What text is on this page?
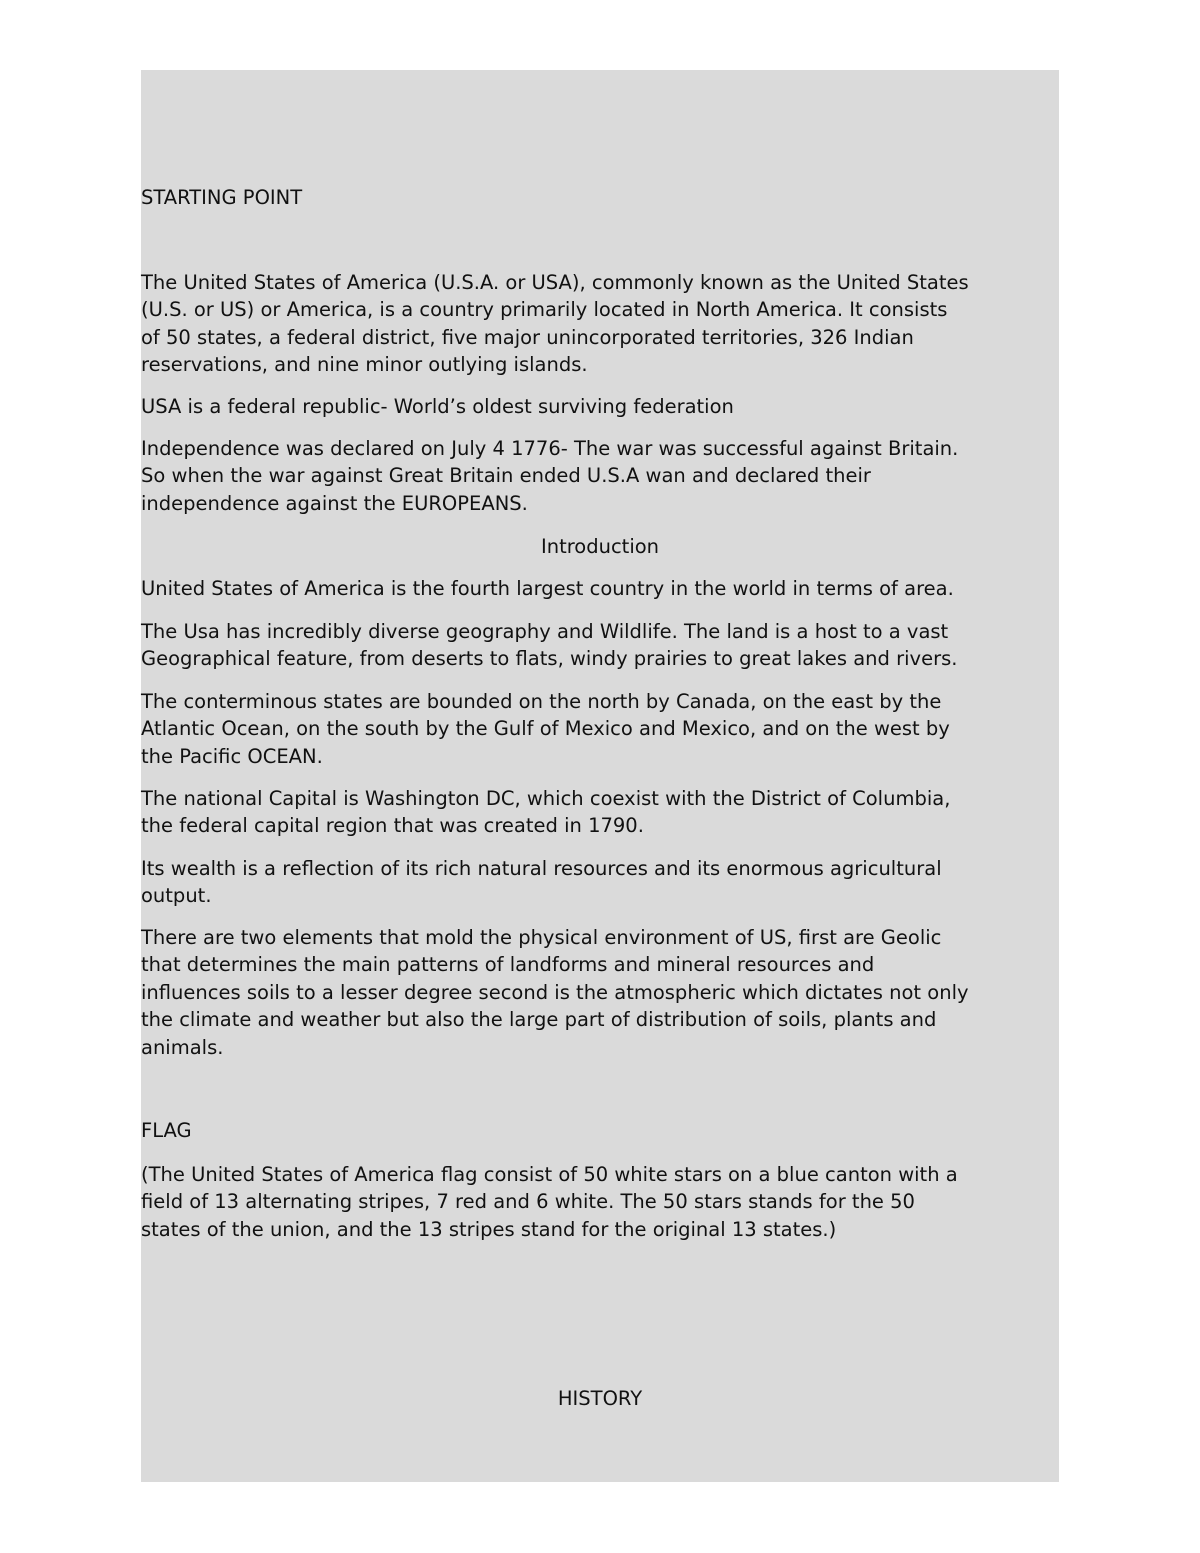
STARTING POINT

The United States of America (U.S.A. or USA), commonly known as the United States
(U.S. or US) or America, is a country primarily located in North America. It consists
of 50 states, a federal district, five major unincorporated territories, 326 Indian
reservations, and nine minor outlying islands.

USA is a federal republic- World’s oldest surviving federation

Independence was declared on July 4 1776- The war was successful against Britain.
So when the war against Great Britain ended U.S.A wan and declared their
independence against the EUROPEANS.

Introduction

United States of America is the fourth largest country in the world in terms of area.

The Usa has incredibly diverse geography and Wildlife. The land is a host to a vast
Geographical feature, from deserts to flats, windy prairies to great lakes and rivers.

The conterminous states are bounded on the north by Canada, on the east by the
Atlantic Ocean, on the south by the Gulf of Mexico and Mexico, and on the west by
the Pacific OCEAN.

The national Capital is Washington DC, which coexist with the District of Columbia,
the federal capital region that was created in 1790.

Its wealth is a reflection of its rich natural resources and its enormous agricultural
output.

There are two elements that mold the physical environment of US, first are Geolic
that determines the main patterns of landforms and mineral resources and
influences soils to a lesser degree second is the atmospheric which dictates not only
the climate and weather but also the large part of distribution of soils, plants and
animals.

FLAG

(The United States of America flag consist of 50 white stars on a blue canton with a
field of 13 alternating stripes, 7 red and 6 white. The 50 stars stands for the 50
states of the union, and the 13 stripes stand for the original 13 states.)

HISTORY
